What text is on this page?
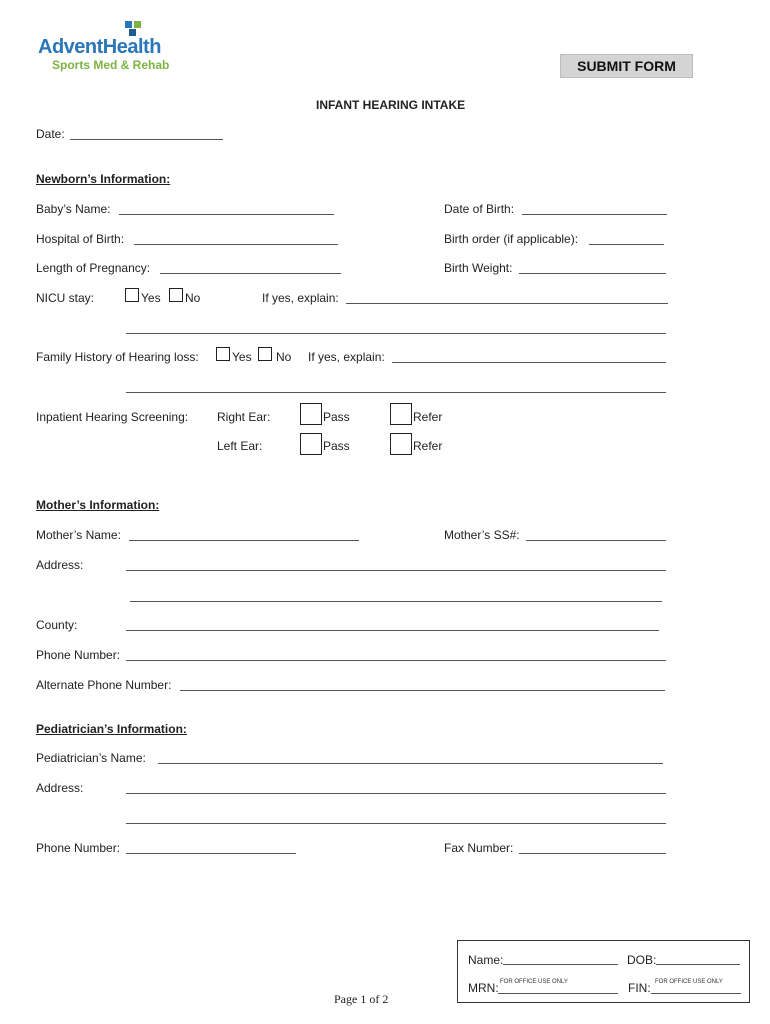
AdventHealth
Sports Med & Rehab	SUBMIT FORM
INFANT HEARING INTAKE
Date:
Newborn’s Information:
Baby’s Name:	Date of Birth:
Hospital of Birth:	Birth order (if applicable):
Length of Pregnancy:	Birth Weight:
NICU stay:	Yes No	If yes, explain:
Family History of Hearing loss:	Yes No If yes, explain:
Inpatient Hearing Screening: Right Ear:	Pass	Refer
Left Ear:	Pass	Refer
Mother’s Information:
Mother’s Name:	Mother’s SS#:
Address:
County:
Phone Number:
Alternate Phone Number:
Pediatrician’s Information:
Pediatrician’s Name:
Address:
Phone Number:	Fax Number:
Name:	DOB:
MRN: FOR OFFICE USE ONLY	FIN: FOR OFFICE USE ONLY
Page 1 of 2
